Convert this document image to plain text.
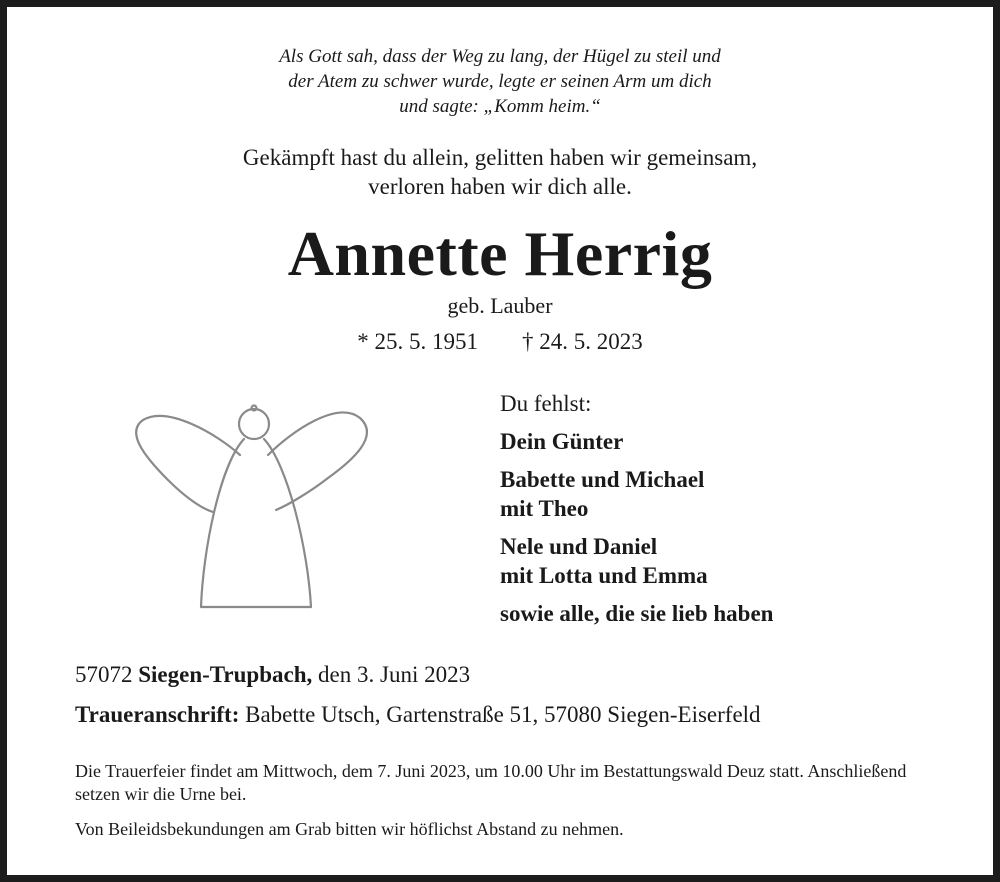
Als Gott sah, dass der Weg zu lang, der Hügel zu steil und
der Atem zu schwer wurde, legte er seinen Arm um dich
und sagte: „Komm heim.“
Gekämpft hast du allein, gelitten haben wir gemeinsam,
verloren haben wir dich alle.
Annette Herrig
geb. Lauber
* 25. 5. 1951 † 24. 5. 2023
Du fehlst:
Dein Günter
Babette und Michael
mit Theo
Nele und Daniel
mit Lotta und Emma
sowie alle, die sie lieb haben
57072 Siegen-Trupbach, den 3. Juni 2023
Traueranschrift: Babette Utsch, Gartenstraße 51, 57080 Siegen-Eiserfeld
Die Trauerfeier findet am Mittwoch, dem 7. Juni 2023, um 10.00 Uhr im Bestattungswald Deuz statt. Anschließend setzen wir die Urne bei.
Von Beileidsbekundungen am Grab bitten wir höflichst Abstand zu nehmen.
